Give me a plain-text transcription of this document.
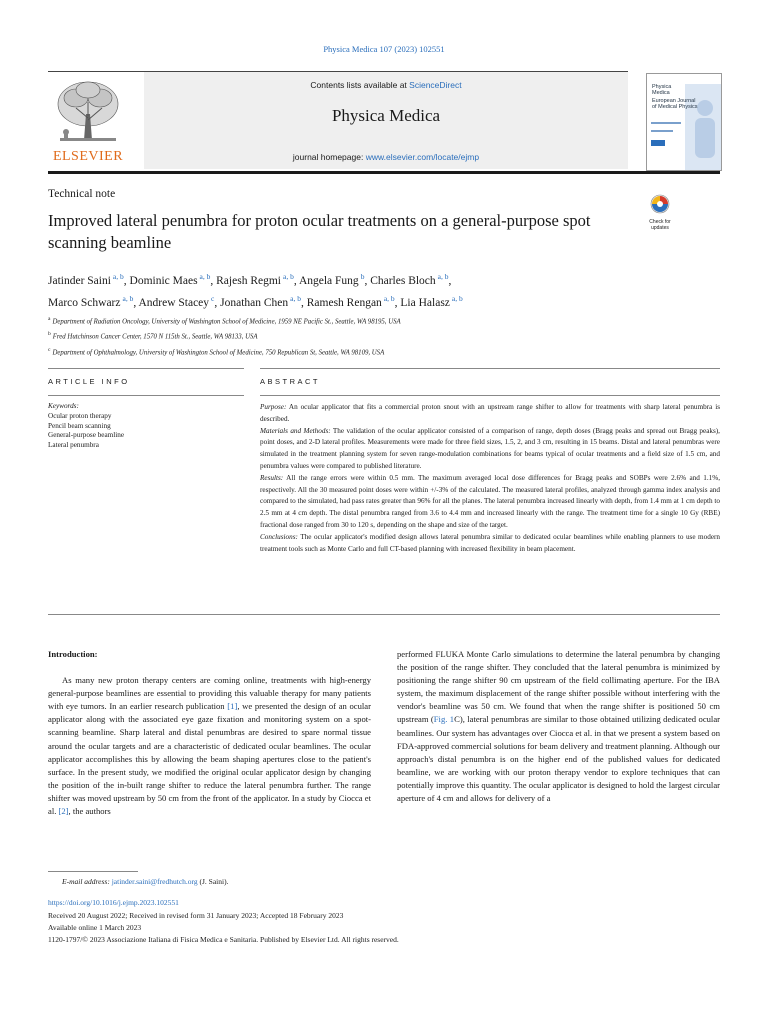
Physica Medica 107 (2023) 102551
ELSEVIER
Contents lists available at ScienceDirect
Physica Medica
journal homepage: www.elsevier.com/locate/ejmp
Physica
Medica
European Journal
of Medical Physics
Technical note
Improved lateral penumbra for proton ocular treatments on a general-purpose spot scanning beamline
Check for updates
Jatinder Saini $^{a, b}$, Dominic Maes $^{a, b}$, Rajesh Regmi $^{a, b}$, Angela Fung $^b$, Charles Bloch $^{a, b}$,
Marco Schwarz $^{a, b}$, Andrew Stacey $^c$, Jonathan Chen $^{a, b}$, Ramesh Rengan $^{a, b}$, Lia Halasz $^{a, b}$
$^a$ Department of Radiation Oncology, University of Washington School of Medicine, 1959 NE Pacific St., Seattle, WA 98195, USA
$^b$ Fred Hutchinson Cancer Center, 1570 N 115th St., Seattle, WA 98133, USA
$^c$ Department of Ophthalmology, University of Washington School of Medicine, 750 Republican St, Seattle, WA 98109, USA
ARTICLE INFO	ABSTRACT
Keywords:
Ocular proton therapy
Pencil beam scanning
General-purpose beamline
Lateral penumbra

Purpose: An ocular applicator that fits a commercial proton snout with an upstream range shifter to allow for treatments with sharp lateral penumbra is described.

Materials and Methods: The validation of the ocular applicator consisted of a comparison of range, depth doses (Bragg peaks and spread out Bragg peaks), point doses, and 2-D lateral profiles. Measurements were made for three field sizes, 1.5, 2, and 3 cm, resulting in 15 beams. Distal and lateral penumbras were simulated in the treatment planning system for seven range-modulation combinations for beams typical of ocular treatments and a field size of 1.5 cm, and penumbra values were compared to published literature.

Results: All the range errors were within 0.5 mm. The maximum averaged local dose differences for Bragg peaks and SOBPs were 2.6% and 1.1%, respectively. All the 30 measured point doses were within +/-3% of the calculated. The measured lateral profiles, analyzed through gamma index analysis and compared to the simulated, had pass rates greater than 96% for all the planes. The lateral penumbra increased linearly with depth, from 1.4 mm at 1 cm depth to 2.5 mm at 4 cm depth. The distal penumbra ranged from 3.6 to 4.4 mm and increased linearly with the range. The treatment time for a single 10 Gy (RBE) fractional dose ranged from 30 to 120 s, depending on the shape and size of the target.

Conclusions: The ocular applicator's modified design allows lateral penumbra similar to dedicated ocular beamlines while enabling planners to use modern treatment tools such as Monte Carlo and full CT-based planning with increased flexibility in beam placement.

Introduction:

As many new proton therapy centers are coming online, treatments with high-energy general-purpose beamlines are essential to providing this valuable therapy for many patients with eye tumors. In an earlier research publication [1], we presented the design of an ocular applicator along with the associated eye gaze fixation and monitoring system on a spot-scanning beamline. Sharp lateral and distal penumbras are desired to spare normal tissue around the ocular targets and are a characteristic of dedicated ocular beamlines. The ocular applicator accomplishes this by allowing the beam shaping apertures close to the patient's surface. In the present study, we modified the original ocular applicator design by changing the position of the in-built range shifter to reduce the lateral penumbra further. The range shifter was moved upstream by 50 cm from the front of the applicator. In a study by Ciocca et al. [2], the authors

performed FLUKA Monte Carlo simulations to determine the lateral penumbra by changing the position of the range shifter. They concluded that the lateral penumbra is minimized by positioning the range shifter 90 cm upstream of the field collimating aperture. For the IBA system, the maximum displacement of the range shifter possible without interfering with the vendor's beamline was 50 cm. We found that when the range shifter is positioned 50 cm upstream (Fig. 1C), lateral penumbras are similar to those obtained utilizing dedicated ocular beamlines. Our system has advantages over Ciocca et al. in that we present a system based on FDA-approved commercial solutions for beam delivery and treatment planning. Although our approach's distal penumbra is on the higher end of the published values for dedicated beamline, we are working with our proton therapy vendor to explore techniques that can potentially improve this quantity. The ocular applicator is designed to hold the largest circular aperture of 4 cm and allows for delivery of a

E-mail address: jatinder.saini@fredhutch.org (J. Saini).
https://doi.org/10.1016/j.ejmp.2023.102551
Received 20 August 2022; Received in revised form 31 January 2023; Accepted 18 February 2023
Available online 1 March 2023
1120-1797/© 2023 Associazione Italiana di Fisica Medica e Sanitaria. Published by Elsevier Ltd. All rights reserved.
